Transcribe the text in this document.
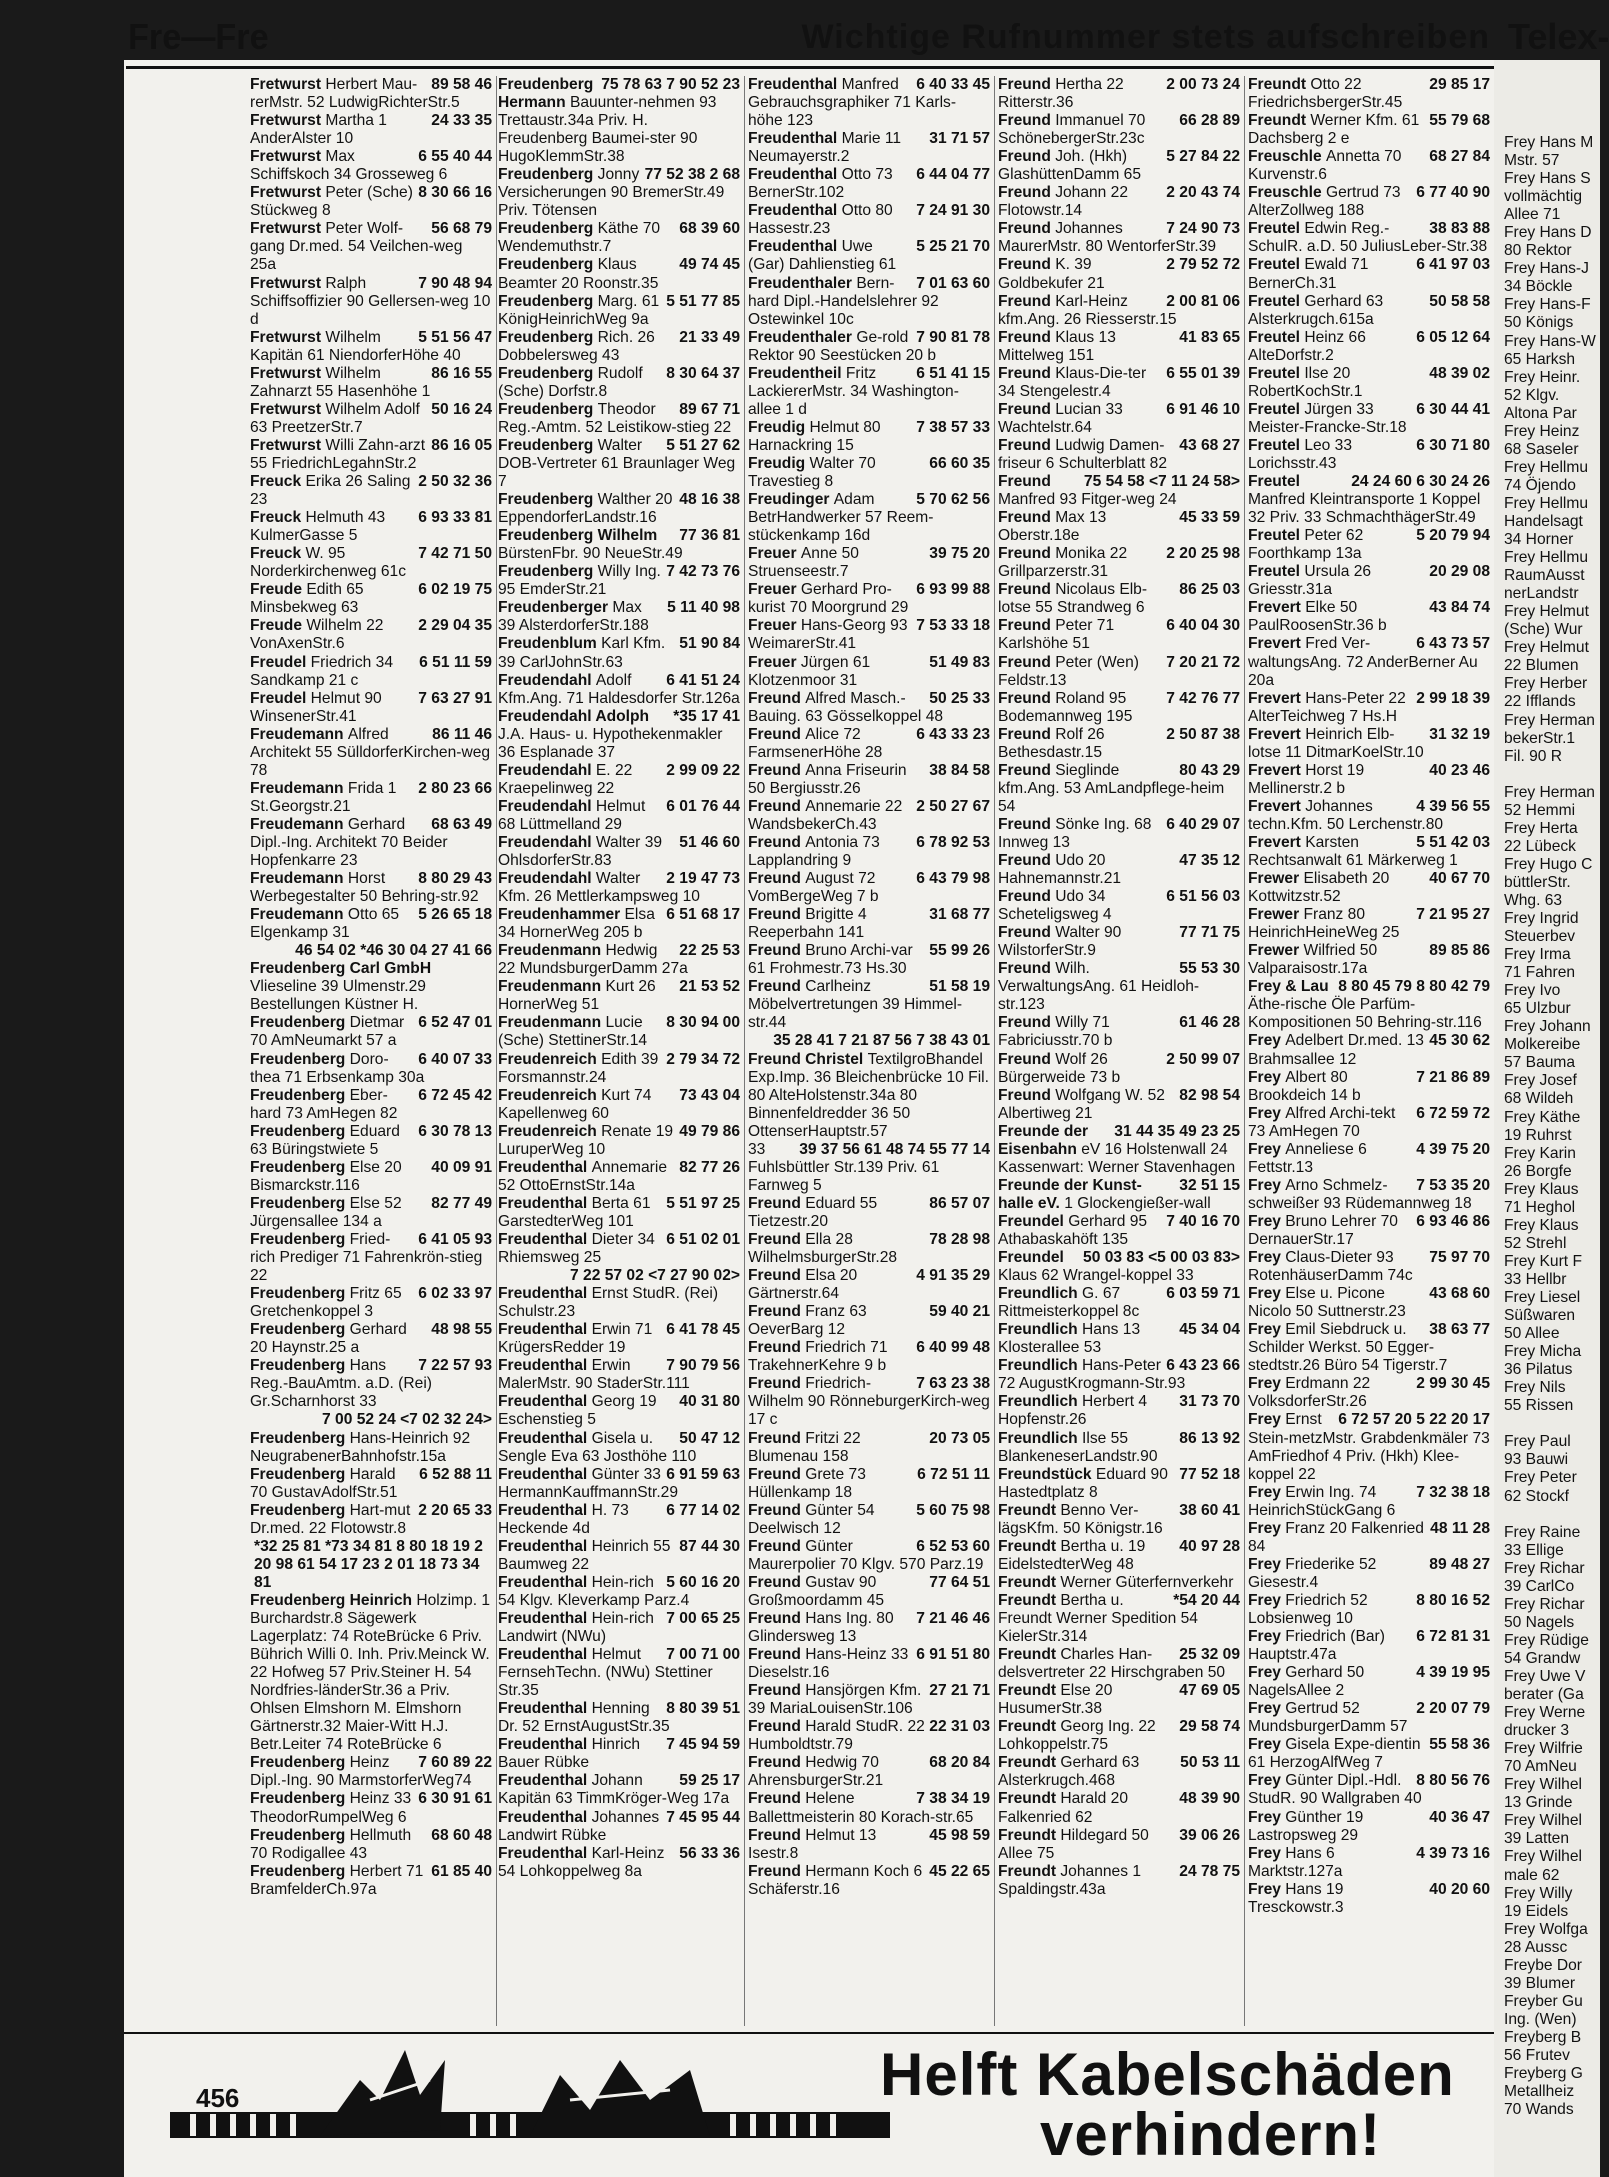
Fre—Fre	Wichtige Rufnummer stets aufschreiben
89 58 46
Fretwurst Herbert Mau-rerMstr. 52 LudwigRichterStr.5
24 33 35
Fretwurst Martha 1 AnderAlster 10
6 55 40 44
Fretwurst Max Schiffskoch 34 Grosseweg 6
8 30 66 16
Fretwurst Peter (Sche) Stückweg 8
56 68 79
Fretwurst Peter Wolf-gang Dr.med. 54 Veilchen-weg 25a
7 90 48 94
Fretwurst Ralph Schiffsoffizier 90 Gellersen-weg 10 d
5 51 56 47
Fretwurst Wilhelm Kapitän 61 NiendorferHöhe 40
86 16 55
Fretwurst Wilhelm Zahnarzt 55 Hasenhöhe 1
50 16 24
Fretwurst Wilhelm Adolf 63 PreetzerStr.7
86 16 05
Fretwurst Willi Zahn-arzt 55 FriedrichLegahnStr.2
2 50 32 36
Freuck Erika 26 Saling 23
6 93 33 81
Freuck Helmuth 43 KulmerGasse 5
7 42 71 50
Freuck W. 95 Norderkirchenweg 61c
6 02 19 75
Freude Edith 65 Minsbekweg 63
2 29 04 35
Freude Wilhelm 22 VonAxenStr.6
6 51 11 59
Freudel Friedrich 34 Sandkamp 21 c
7 63 27 91
Freudel Helmut 90 WinsenerStr.41
86 11 46
Freudemann Alfred Architekt 55 SülldorferKirchen-weg 78
2 80 23 66
Freudemann Frida 1 St.Georgstr.21
68 63 49
Freudemann Gerhard Dipl.-Ing. Architekt 70 Beider Hopfenkarre 23
8 80 29 43
Freudemann Horst Werbegestalter 50 Behring-str.92
5 26 65 18
Freudemann Otto 65 Elgenkamp 31
46 54 02 *46 30 04 27 41 66
Freudenberg Carl GmbH Vlieseline 39 Ulmenstr.29 Bestellungen Küstner H.
6 52 47 01
Freudenberg Dietmar 70 AmNeumarkt 57 a
6 40 07 33
Freudenberg Doro-thea 71 Erbsenkamp 30a
6 72 45 42
Freudenberg Eber-hard 73 AmHegen 82
6 30 78 13
Freudenberg Eduard 63 Büringstwiete 5
40 09 91
Freudenberg Else 20 Bismarckstr.116
82 77 49
Freudenberg Else 52 Jürgensallee 134 a
6 41 05 93
Freudenberg Fried-rich Prediger 71 Fahrenkrön-stieg 22
6 02 33 97
Freudenberg Fritz 65 Gretchenkoppel 3
48 98 55
Freudenberg Gerhard 20 Haynstr.25 a
7 22 57 93
Freudenberg Hans Reg.-BauAmtm. a.D. (Rei) Gr.Scharnhorst 33
7 00 52 24 <7 02 32 24>
Freudenberg Hans-Heinrich 92 NeugrabenerBahnhofstr.15a
6 52 88 11
Freudenberg Harald 70 GustavAdolfStr.51
2 20 65 33
Freudenberg Hart-mut Dr.med. 22 Flotowstr.8
*32 25 81 *73 34 81 8 80 18 19 2 20 98 61 54 17 23 2 01 18 73 34 81
Freudenberg Heinrich Holzimp. 1 Burchardstr.8 Sägewerk Lagerplatz: 74 RoteBrücke 6 Priv. Bührich Willi 0. Inh. Priv.Meinck W. 22 Hofweg 57 Priv.Steiner H. 54 Nordfries-länderStr.36 a Priv. Ohlsen Elmshorn M. Elmshorn Gärtnerstr.32 Maier-Witt H.J. Betr.Leiter 74 RoteBrücke 6
7 60 89 22
Freudenberg Heinz Dipl.-Ing. 90 MarmstorferWeg74
6 30 91 61
Freudenberg Heinz 33 TheodorRumpelWeg 6
68 60 48
Freudenberg Hellmuth 70 Rodigallee 43
61 85 40
Freudenberg Herbert 71 BramfelderCh.97a
75 78 63 7 90 52 23
Freudenberg Hermann Bauunter-nehmen 93 Trettaustr.34a Priv. H. Freudenberg Baumei-ster 90 HugoKlemmStr.38
77 52 38 2 68
Freudenberg Jonny Versicherungen 90 BremerStr.49 Priv. Tötensen
68 39 60
Freudenberg Käthe 70 Wendemuthstr.7
49 74 45
Freudenberg Klaus Beamter 20 Roonstr.35
5 51 77 85
Freudenberg Marg. 61 KönigHeinrichWeg 9a
21 33 49
Freudenberg Rich. 26 Dobbelersweg 43
8 30 64 37
Freudenberg Rudolf (Sche) Dorfstr.8
89 67 71
Freudenberg Theodor Reg.-Amtm. 52 Leistikow-stieg 22
5 51 27 62
Freudenberg Walter DOB-Vertreter 61 Braunlager Weg 7
48 16 38
Freudenberg Walther 20 EppendorferLandstr.16
77 36 81
Freudenberg Wilhelm BürstenFbr. 90 NeueStr.49
7 42 73 76
Freudenberg Willy Ing. 95 EmderStr.21
5 11 40 98
Freudenberger Max 39 AlsterdorferStr.188
51 90 84
Freudenblum Karl Kfm. 39 CarlJohnStr.63
6 41 51 24
Freudendahl Adolf Kfm.Ang. 71 Haldesdorfer Str.126a
*35 17 41
Freudendahl Adolph J.A. Haus- u. Hypothekenmakler 36 Esplanade 37
2 99 09 22
Freudendahl E. 22 Kraepelinweg 22
6 01 76 44
Freudendahl Helmut 68 Lüttmelland 29
51 46 60
Freudendahl Walter 39 OhlsdorferStr.83
2 19 47 73
Freudendahl Walter Kfm. 26 Mettlerkampsweg 10
6 51 68 17
Freudenhammer Elsa 34 HornerWeg 205 b
22 25 53
Freudenmann Hedwig 22 MundsburgerDamm 27a
21 53 52
Freudenmann Kurt 26 HornerWeg 51
8 30 94 00
Freudenmann Lucie (Sche) StettinerStr.14
2 79 34 72
Freudenreich Edith 39 Forsmannstr.24
73 43 04
Freudenreich Kurt 74 Kapellenweg 60
49 79 86
Freudenreich Renate 19 LuruperWeg 10
82 77 26
Freudenthal Annemarie 52 OttoErnstStr.14a
5 51 97 25
Freudenthal Berta 61 GarstedterWeg 101
6 51 02 01
Freudenthal Dieter 34 Rhiemsweg 25
7 22 57 02 <7 27 90 02>
Freudenthal Ernst StudR. (Rei) Schulstr.23
6 41 78 45
Freudenthal Erwin 71 KrügersRedder 19
7 90 79 56
Freudenthal Erwin MalerMstr. 90 StaderStr.111
40 31 80
Freudenthal Georg 19 Eschenstieg 5
50 47 12
Freudenthal Gisela u. Sengle Eva 63 Josthöhe 110
6 91 59 63
Freudenthal Günter 33 HermannKauffmannStr.29
6 77 14 02
Freudenthal H. 73 Heckende 4d
87 44 30
Freudenthal Heinrich 55 Baumweg 22
5 60 16 20
Freudenthal Hein-rich 54 Klgv. Kleverkamp Parz.4
7 00 65 25
Freudenthal Hein-rich Landwirt (NWu)
7 00 71 00
Freudenthal Helmut FernsehTechn. (NWu) Stettiner Str.35
8 80 39 51
Freudenthal Henning Dr. 52 ErnstAugustStr.35
7 45 94 59
Freudenthal Hinrich Bauer Rübke
59 25 17
Freudenthal Johann Kapitän 63 TimmKröger-Weg 17a
7 45 95 44
Freudenthal Johannes Landwirt Rübke
56 33 36
Freudenthal Karl-Heinz 54 Lohkoppelweg 8a
6 40 33 45
Freudenthal Manfred Gebrauchsgraphiker 71 Karls-höhe 123
31 71 57
Freudenthal Marie 11 Neumayerstr.2
6 44 04 77
Freudenthal Otto 73 BernerStr.102
7 24 91 30
Freudenthal Otto 80 Hassestr.23
5 25 21 70
Freudenthal Uwe (Gar) Dahlienstieg 61
7 01 63 60
Freudenthaler Bern-hard Dipl.-Handelslehrer 92 Ostewinkel 10c
7 90 81 78
Freudenthaler Ge-rold Rektor 90 Seestücken 20 b
6 51 41 15
Freudentheil Fritz LackiererMstr. 34 Washington-allee 1 d
7 38 57 33
Freudig Helmut 80 Harnackring 15
66 60 35
Freudig Walter 70 Travestieg 8
5 70 62 56
Freudinger Adam BetrHandwerker 57 Reem-stückenkamp 16d
39 75 20
Freuer Anne 50 Struenseestr.7
6 93 99 88
Freuer Gerhard Pro-kurist 70 Moorgrund 29
7 53 33 18
Freuer Hans-Georg 93 WeimarerStr.41
51 49 83
Freuer Jürgen 61 Klotzenmoor 31
50 25 33
Freund Alfred Masch.-Bauing. 63 Gösselkoppel 48
6 43 33 23
Freund Alice 72 FarmsenerHöhe 28
38 84 58
Freund Anna Friseurin 50 Bergiusstr.26
2 50 27 67
Freund Annemarie 22 WandsbekerCh.43
6 78 92 53
Freund Antonia 73 Lapplandring 9
6 43 79 98
Freund August 72 VomBergeWeg 7 b
31 68 77
Freund Brigitte 4 Reeperbahn 141
55 99 26
Freund Bruno Archi-var 61 Frohmestr.73 Hs.30
51 58 19
Freund Carlheinz Möbelvertretungen 39 Himmel-str.44
35 28 41 7 21 87 56 7 38 43 01
Freund Christel TextilgroBhandel Exp.Imp. 36 Bleichenbrücke 10 Fil. 80 AlteHolstenstr.34a 80 Binnenfeldredder 36 50 OttenserHauptstr.57
39 37 56 61 48 74 55 77 14
33 Fuhlsbüttler Str.139 Priv. 61 Farnweg 5
86 57 07
Freund Eduard 55 Tietzestr.20
78 28 98
Freund Ella 28 WilhelmsburgerStr.28
4 91 35 29
Freund Elsa 20 Gärtnerstr.64
59 40 21
Freund Franz 63 OeverBarg 12
6 40 99 48
Freund Friedrich 71 TrakehnerKehre 9 b
7 63 23 38
Freund Friedrich-Wilhelm 90 RönneburgerKirch-weg 17 c
20 73 05
Freund Fritzi 22 Blumenau 158
6 72 51 11
Freund Grete 73 Hüllenkamp 18
5 60 75 98
Freund Günter 54 Deelwisch 12
6 52 53 60
Freund Günter Maurerpolier 70 Klgv. 570 Parz.19
77 64 51
Freund Gustav 90 Großmoordamm 45
7 21 46 46
Freund Hans Ing. 80 Glindersweg 13
6 91 51 80
Freund Hans-Heinz 33 Dieselstr.16
27 21 71
Freund Hansjörgen Kfm. 39 MariaLouisenStr.106
22 31 03
Freund Harald StudR. 22 Humboldtstr.79
68 20 84
Freund Hedwig 70 AhrensburgerStr.21
7 38 34 19
Freund Helene Ballettmeisterin 80 Korach-str.65
45 98 59
Freund Helmut 13 Isestr.8
45 22 65
Freund Hermann Koch 6 Schäferstr.16
2 00 73 24
Freund Hertha 22 Ritterstr.36
66 28 89
Freund Immanuel 70 SchönebergerStr.23c
5 27 84 22
Freund Joh. (Hkh) GlashüttenDamm 65
2 20 43 74
Freund Johann 22 Flotowstr.14
7 24 90 73
Freund Johannes MaurerMstr. 80 WentorferStr.39
2 79 52 72
Freund K. 39 Goldbekufer 21
2 00 81 06
Freund Karl-Heinz kfm.Ang. 26 Riesserstr.15
41 83 65
Freund Klaus 13 Mittelweg 151
6 55 01 39
Freund Klaus-Die-ter 34 Stengelestr.4
6 91 46 10
Freund Lucian 33 Wachtelstr.64
43 68 27
Freund Ludwig Damen-friseur 6 Schulterblatt 82
75 54 58 <7 11 24 58>
Freund Manfred 93 Fitger-weg 24
45 33 59
Freund Max 13 Oberstr.18e
2 20 25 98
Freund Monika 22 Grillparzerstr.31
86 25 03
Freund Nicolaus Elb-lotse 55 Strandweg 6
6 40 04 30
Freund Peter 71 Karlshöhe 51
7 20 21 72
Freund Peter (Wen) Feldstr.13
7 42 76 77
Freund Roland 95 Bodemannweg 195
2 50 87 38
Freund Rolf 26 Bethesdastr.15
80 43 29
Freund Sieglinde kfm.Ang. 53 AmLandpflege-heim 54
6 40 29 07
Freund Sönke Ing. 68 Innweg 13
47 35 12
Freund Udo 20 Hahnemannstr.21
6 51 56 03
Freund Udo 34 Scheteligsweg 4
77 71 75
Freund Walter 90 WilstorferStr.9
55 53 30
Freund Wilh. VerwaltungsAng. 61 Heidloh-str.123
61 46 28
Freund Willy 71 Fabriciusstr.70 b
2 50 99 07
Freund Wolf 26 Bürgerweide 73 b
82 98 54
Freund Wolfgang W. 52 Albertiweg 21
31 44 35 49 23 25
Freunde der Eisenbahn eV 16 Holstenwall 24 Kassenwart: Werner Stavenhagen
32 51 15
Freunde der Kunst-halle eV. 1 Glockengießer-wall
7 40 16 70
Freundel Gerhard 95 Athabaskahöft 135
50 03 83 <5 00 03 83>
Freundel Klaus 62 Wrangel-koppel 33
6 03 59 71
Freundlich G. 67 Rittmeisterkoppel 8c
45 34 04
Freundlich Hans 13 Klosterallee 53
6 43 23 66
Freundlich Hans-Peter 72 AugustKrogmann-Str.93
31 73 70
Freundlich Herbert 4 Hopfenstr.26
86 13 92
Freundlich Ilse 55 BlankeneserLandstr.90
77 52 18
Freundstück Eduard 90 Hastedtplatz 8
38 60 41
Freundt Benno Ver-lägsKfm. 50 Königstr.16
40 97 28
Freundt Bertha u. 19 EidelstedterWeg 48
Freundt Werner Güterfernverkehr
*54 20 44
Freundt Bertha u. Freundt Werner Spedition 54 KielerStr.314
25 32 09
Freundt Charles Han-delsvertreter 22 Hirschgraben 50
47 69 05
Freundt Else 20 HusumerStr.38
29 58 74
Freundt Georg Ing. 22 Lohkoppelstr.75
50 53 11
Freundt Gerhard 63 Alsterkrugch.468
48 39 90
Freundt Harald 20 Falkenried 62
39 06 26
Freundt Hildegard 50 Allee 75
24 78 75
Freundt Johannes 1 Spaldingstr.43a
29 85 17
Freundt Otto 22 FriedrichsbergerStr.45
55 79 68
Freundt Werner Kfm. 61 Dachsberg 2 e
68 27 84
Freuschle Annetta 70 Kurvenstr.6
6 77 40 90
Freuschle Gertrud 73 AlterZollweg 188
38 83 88
Freutel Edwin Reg.-SchulR. a.D. 50 JuliusLeber-Str.38
6 41 97 03
Freutel Ewald 71 BernerCh.31
50 58 58
Freutel Gerhard 63 Alsterkrugch.615a
6 05 12 64
Freutel Heinz 66 AlteDorfstr.2
48 39 02
Freutel Ilse 20 RobertKochStr.1
6 30 44 41
Freutel Jürgen 33 Meister-Francke-Str.18
6 30 71 80
Freutel Leo 33 Lorichsstr.43
24 24 60 6 30 24 26
Freutel Manfred Kleintransporte 1 Koppel 32 Priv. 33 SchmachthägerStr.49
5 20 79 94
Freutel Peter 62 Foorthkamp 13a
20 29 08
Freutel Ursula 26 Griesstr.31a
43 84 74
Frevert Elke 50 PaulRoosenStr.36 b
6 43 73 57
Frevert Fred Ver-waltungsAng. 72 AnderBerner Au 20a
2 99 18 39
Frevert Hans-Peter 22 AlterTeichweg 7 Hs.H
31 32 19
Frevert Heinrich Elb-lotse 11 DitmarKoelStr.10
40 23 46
Frevert Horst 19 Mellinerstr.2 b
4 39 56 55
Frevert Johannes techn.Kfm. 50 Lerchenstr.80
5 51 42 03
Frevert Karsten Rechtsanwalt 61 Märkerweg 1
40 67 70
Frewer Elisabeth 20 Kottwitzstr.52
7 21 95 27
Frewer Franz 80 HeinrichHeineWeg 25
89 85 86
Frewer Wilfried 50 Valparaisostr.17a
8 80 45 79 8 80 42 79
Frey & Lau Äthe-rische Öle Parfüm-Kompositionen 50 Behring-str.116
45 30 62
Frey Adelbert Dr.med. 13 Brahmsallee 12
7 21 86 89
Frey Albert 80 Brookdeich 14 b
6 72 59 72
Frey Alfred Archi-tekt 73 AmHegen 70
4 39 75 20
Frey Anneliese 6 Fettstr.13
7 53 35 20
Frey Arno Schmelz-schweißer 93 Rüdemannweg 18
6 93 46 86
Frey Bruno Lehrer 70 DernauerStr.17
75 97 70
Frey Claus-Dieter 93 RotenhäuserDamm 74c
43 68 60
Frey Else u. Picone Nicolo 50 Suttnerstr.23
38 63 77
Frey Emil Siebdruck u. Schilder Werkst. 50 Egger-stedtstr.26 Büro 54 Tigerstr.7
2 99 30 45
Frey Erdmann 22 VolksdorferStr.26
6 72 57 20 5 22 20 17
Frey Ernst Stein-metzMstr. Grabdenkmäler 73 AmFriedhof 4 Priv. (Hkh) Klee-koppel 22
7 32 38 18
Frey Erwin Ing. 74 HeinrichStückGang 6
48 11 28
Frey Franz 20 Falkenried 84
89 48 27
Frey Friederike 52 Giesestr.4
8 80 16 52
Frey Friedrich 52 Lobsienweg 10
6 72 81 31
Frey Friedrich (Bar) Hauptstr.47a
4 39 19 95
Frey Gerhard 50 NagelsAllee 2
2 20 07 79
Frey Gertrud 52 MundsburgerDamm 57
55 58 36
Frey Gisela Expe-dientin 61 HerzogAlfWeg 7
8 80 56 76
Frey Günter Dipl.-Hdl. StudR. 90 Wallgraben 40
40 36 47
Frey Günther 19 Lastropsweg 29
4 39 73 16
Frey Hans 6 Marktstr.127a
40 20 60
Frey Hans 19 Tresckowstr.3
Helft Kabelschäden
verhindern!
456
Telex-
Frey Hans M
Mstr. 57
Frey Hans S
vollmächtig
Allee 71
Frey Hans D
80 Rektor
Frey Hans-J
34 Böckle
Frey Hans-F
50 Königs
Frey Hans-W
65 Harksh
Frey Heinr.
52 Klgv.
Altona Par
Frey Heinz
68 Saseler
Frey Hellmu
74 Öjendo
Frey Hellmu
Handelsagt
34 Horner
Frey Hellmu
RaumAusst
nerLandstr
Frey Helmut
(Sche) Wur
Frey Helmut
22 Blumen
Frey Herber
22 Ifflands
Frey Herman
bekerStr.1
Fil. 90 R

Frey Herman
52 Hemmi
Frey Herta
22 Lübeck
Frey Hugo C
büttlerStr.
Whg. 63
Frey Ingrid
Steuerbev
Frey Irma
71 Fahren
Frey Ivo
65 Ulzbur
Frey Johann
Molkereibe
57 Bauma
Frey Josef
68 Wildeh
Frey Käthe
19 Ruhrst
Frey Karin
26 Borgfe
Frey Klaus
71 Heghol
Frey Klaus
52 Strehl
Frey Kurt F
33 Hellbr
Frey Liesel
Süßwaren
50 Allee
Frey Micha
36 Pilatus
Frey Nils
55 Rissen

Frey Paul
93 Bauwi
Frey Peter
62 Stockf

Frey Raine
33 Ellige
Frey Richar
39 CarlCo
Frey Richar
50 Nagels
Frey Rüdige
54 Grandw
Frey Uwe V
berater (Ga
Frey Werne
drucker 3
Frey Wilfrie
70 AmNeu
Frey Wilhel
13 Grinde
Frey Wilhel
39 Latten
Frey Wilhel
male 62
Frey Willy
19 Eidels
Frey Wolfga
28 Aussc
Freybe Dor
39 Blumer
Freyber Gu
Ing. (Wen)
Freyberg B
56 Frutev
Freyberg G
Metallheiz
70 Wands
